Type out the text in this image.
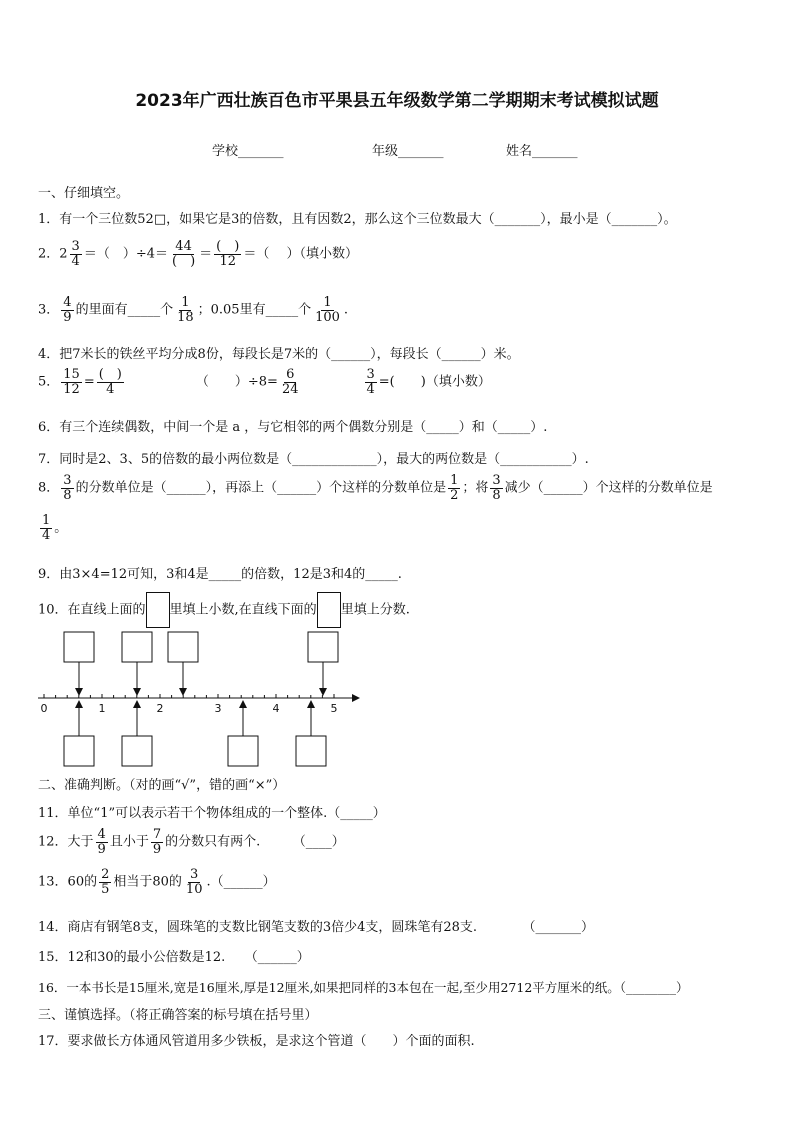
2023年广西壮族百色市平果县五年级数学第二学期期末考试模拟试题
学校_______	年级_______	姓名_______
一、仔细填空。
1．有一个三位数52□，如果它是3的倍数，且有因数2，那么这个三位数最大（_______），最小是（_______）。
2．$2 \frac{3}{4}$ ＝（　）$\div 4= \frac{44}{( )} = \frac{( )}{12}$ ＝（　 ）（填小数）
3． $\frac{4}{9}$ 的里面有_____个 $\frac{1}{18}$ ；0.05里有_____个 $\frac{1}{100}$ .
4．把7米长的铁丝平均分成8份，每段长是7米的（______），每段长（______）米。
5． $\frac{15}{12} = \frac{( )}{4}$	（　　）$\div 8= \frac{6}{24}$	$\frac{3}{4}$ =(　　)（填小数）
6．有三个连续偶数，中间一个是 a ，与它相邻的两个偶数分别是（_____）和（_____）.
7．同时是2、3、5的倍数的最小两位数是（_____________），最大的两位数是（___________）.
8． $\frac{3}{8}$ 的分数单位是（______），再添上（______）个这样的分数单位是 $\frac{1}{2}$ ；将 $\frac{3}{8}$ 减少（______）个这样的分数单位是
$\frac{1}{4}$ 。
9．由3×4=12可知，3和4是_____的倍数，12是3和4的_____.
10．在直线上面的 里填上小数,在直线下面的 里填上分数.
0	1	2	3	4	5
二、准确判断。（对的画“√”，错的画“×”）
11．单位“1”可以表示若干个物体组成的一个整体.（_____）
12．大于 $\frac{4}{9}$ 且小于 $\frac{7}{9}$ 的分数只有两个.　　　（____）
13．60的 $\frac{2}{5}$ 相当于80的 $\frac{3}{10}$ .（______）
14．商店有钢笔8支，圆珠笔的支数比钢笔支数的3倍少4支，圆珠笔有28支.　　　　（_______）
15．12和30的最小公倍数是12.　　（______）
16．一本书长是15厘米,宽是16厘米,厚是12厘米,如果把同样的3本包在一起,至少用2712平方厘米的纸。（________）
三、谨慎选择。（将正确答案的标号填在括号里）
17．要求做长方体通风管道用多少铁板，是求这个管道（　　）个面的面积.
